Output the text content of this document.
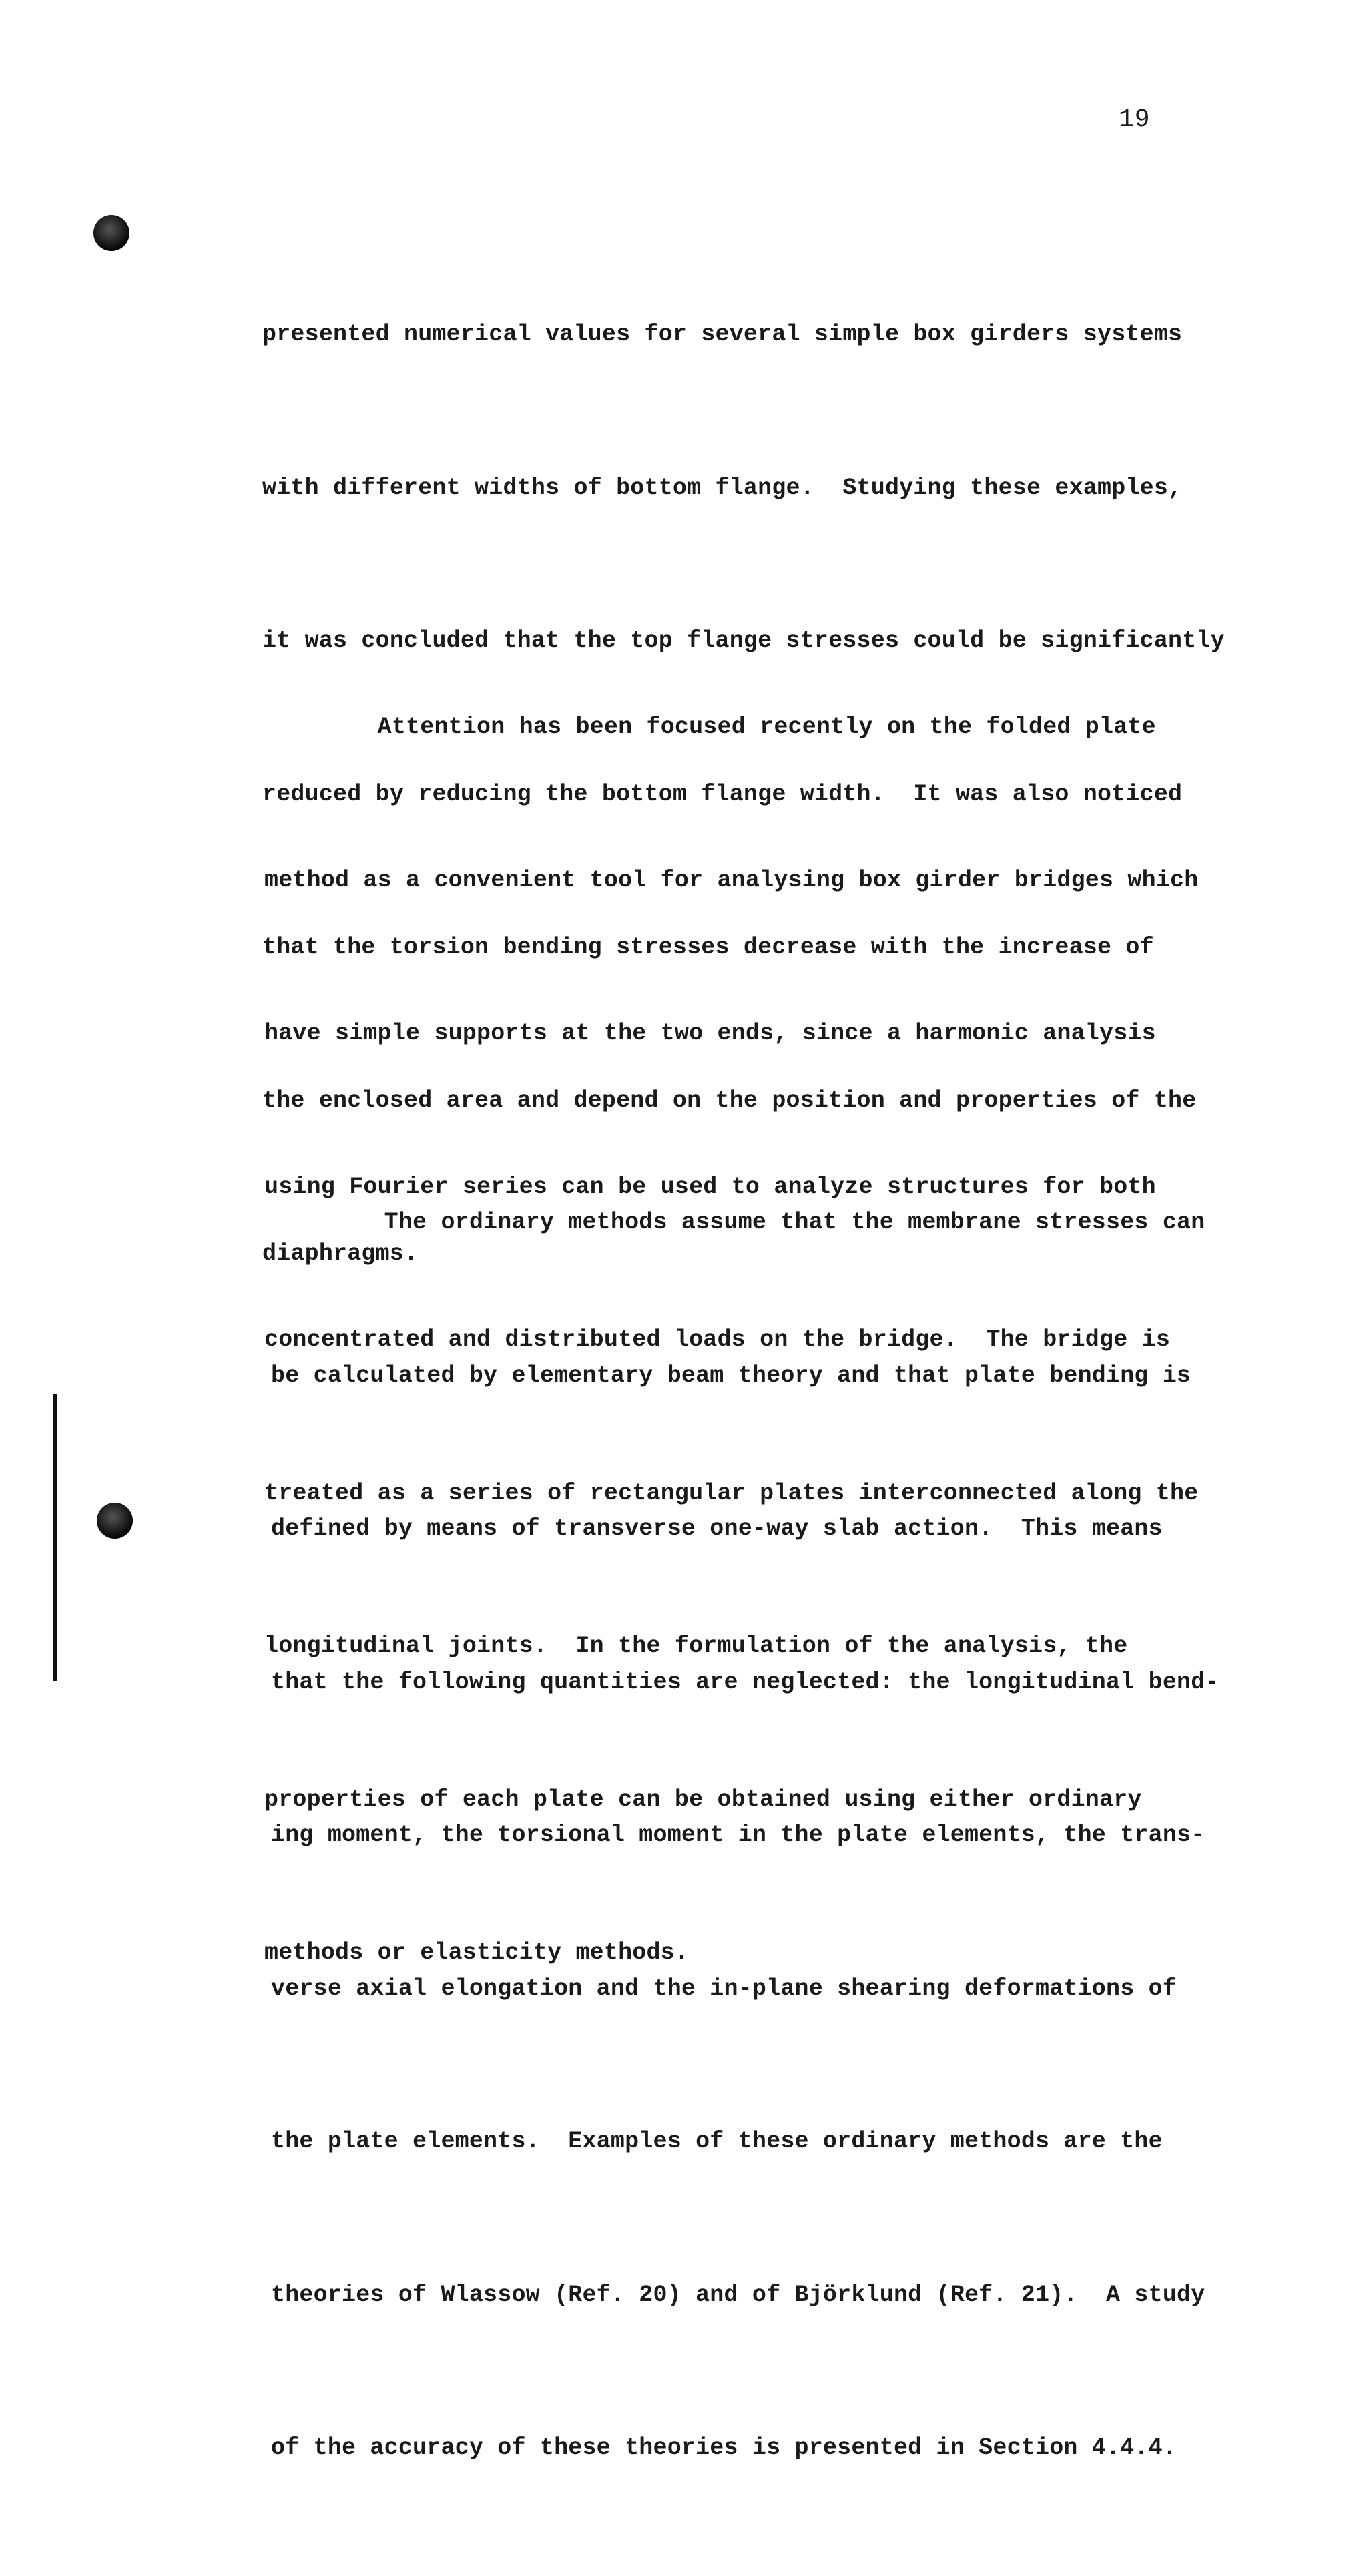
19

presented numerical values for several simple box girders systems

with different widths of bottom flange.  Studying these examples,

it was concluded that the top flange stresses could be significantly

reduced by reducing the bottom flange width.  It was also noticed

that the torsion bending stresses decrease with the increase of

the enclosed area and depend on the position and properties of the

diaphragms.

Attention has been focused recently on the folded plate

method as a convenient tool for analysing box girder bridges which

have simple supports at the two ends, since a harmonic analysis

using Fourier series can be used to analyze structures for both

concentrated and distributed loads on the bridge.  The bridge is

treated as a series of rectangular plates interconnected along the

longitudinal joints.  In the formulation of the analysis, the

properties of each plate can be obtained using either ordinary

methods or elasticity methods.

The ordinary methods assume that the membrane stresses can

be calculated by elementary beam theory and that plate bending is

defined by means of transverse one-way slab action.  This means

that the following quantities are neglected: the longitudinal bend-

ing moment, the torsional moment in the plate elements, the trans-

verse axial elongation and the in-plane shearing deformations of

the plate elements.  Examples of these ordinary methods are the

theories of Wlassow (Ref. 20) and of Björklund (Ref. 21).  A study

of the accuracy of these theories is presented in Section 4.4.4.
